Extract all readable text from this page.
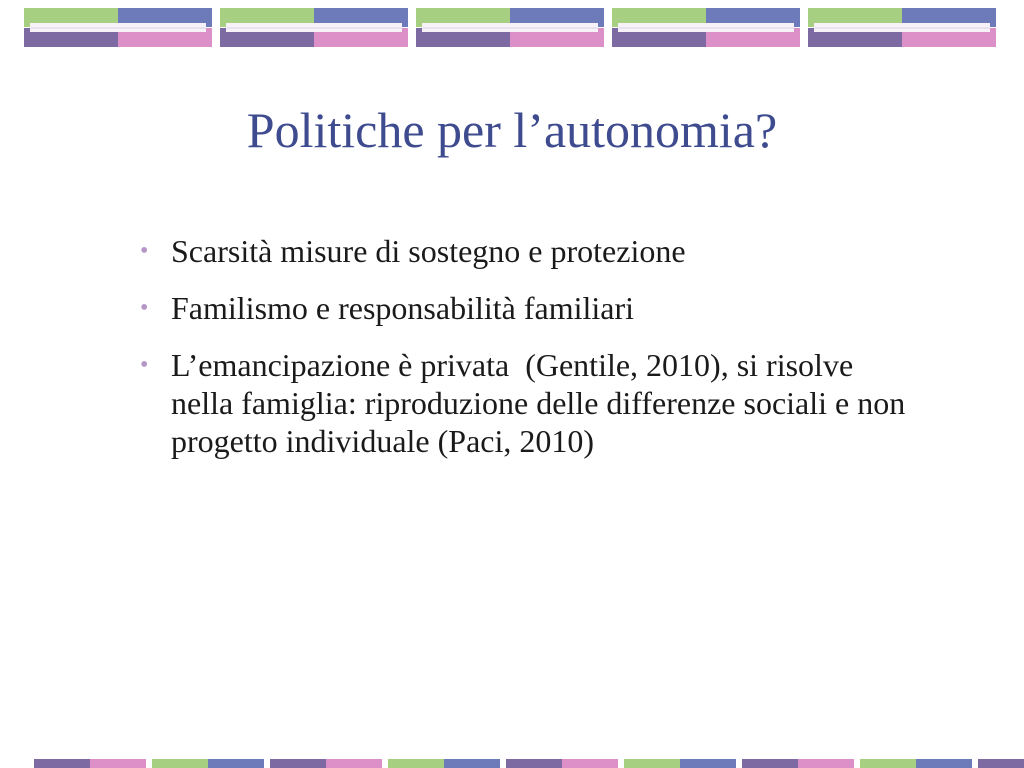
Politiche per l’autonomia?
• Scarsità misure di sostegno e protezione
• Familismo e responsabilità familiari
• L’emancipazione è privata  (Gentile, 2010), si risolve nella famiglia: riproduzione delle differenze sociali e non progetto individuale (Paci, 2010)
